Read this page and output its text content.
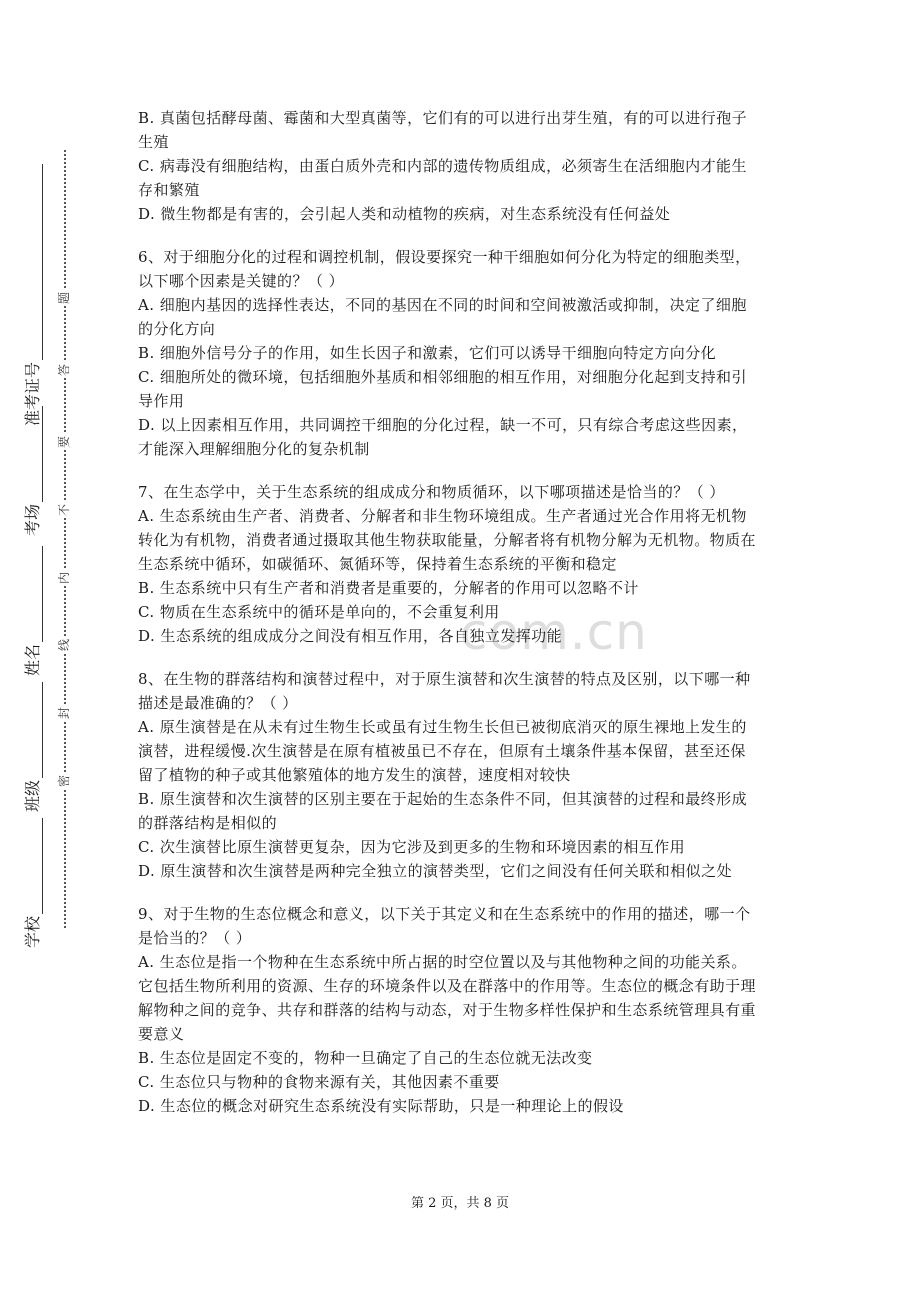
学校
班级
姓名
考场
准考证号
密
封
线
内
不
要
答
题
com.cn
B. 真菌包括酵母菌、霉菌和大型真菌等，它们有的可以进行出芽生殖，有的可以进行孢子
生殖
C. 病毒没有细胞结构，由蛋白质外壳和内部的遗传物质组成，必须寄生在活细胞内才能生
存和繁殖
D. 微生物都是有害的，会引起人类和动植物的疾病，对生态系统没有任何益处
6、对于细胞分化的过程和调控机制，假设要探究一种干细胞如何分化为特定的细胞类型，
以下哪个因素是关键的？（ ）
A. 细胞内基因的选择性表达，不同的基因在不同的时间和空间被激活或抑制，决定了细胞
的分化方向
B. 细胞外信号分子的作用，如生长因子和激素，它们可以诱导干细胞向特定方向分化
C. 细胞所处的微环境，包括细胞外基质和相邻细胞的相互作用，对细胞分化起到支持和引
导作用
D. 以上因素相互作用，共同调控干细胞的分化过程，缺一不可，只有综合考虑这些因素，
才能深入理解细胞分化的复杂机制
7、在生态学中，关于生态系统的组成成分和物质循环，以下哪项描述是恰当的？（ ）
A. 生态系统由生产者、消费者、分解者和非生物环境组成。生产者通过光合作用将无机物
转化为有机物，消费者通过摄取其他生物获取能量，分解者将有机物分解为无机物。物质在
生态系统中循环，如碳循环、氮循环等，保持着生态系统的平衡和稳定
B. 生态系统中只有生产者和消费者是重要的，分解者的作用可以忽略不计
C. 物质在生态系统中的循环是单向的，不会重复利用
D. 生态系统的组成成分之间没有相互作用，各自独立发挥功能
8、在生物的群落结构和演替过程中，对于原生演替和次生演替的特点及区别，以下哪一种
描述是最准确的？（ ）
A. 原生演替是在从未有过生物生长或虽有过生物生长但已被彻底消灭的原生裸地上发生的
演替，进程缓慢.次生演替是在原有植被虽已不存在，但原有土壤条件基本保留，甚至还保
留了植物的种子或其他繁殖体的地方发生的演替，速度相对较快
B. 原生演替和次生演替的区别主要在于起始的生态条件不同，但其演替的过程和最终形成
的群落结构是相似的
C. 次生演替比原生演替更复杂，因为它涉及到更多的生物和环境因素的相互作用
D. 原生演替和次生演替是两种完全独立的演替类型，它们之间没有任何关联和相似之处
9、对于生物的生态位概念和意义，以下关于其定义和在生态系统中的作用的描述，哪一个
是恰当的？（ ）
A. 生态位是指一个物种在生态系统中所占据的时空位置以及与其他物种之间的功能关系。
它包括生物所利用的资源、生存的环境条件以及在群落中的作用等。生态位的概念有助于理
解物种之间的竞争、共存和群落的结构与动态，对于生物多样性保护和生态系统管理具有重
要意义
B. 生态位是固定不变的，物种一旦确定了自己的生态位就无法改变
C. 生态位只与物种的食物来源有关，其他因素不重要
D. 生态位的概念对研究生态系统没有实际帮助，只是一种理论上的假设
第 2 页，共 8 页
